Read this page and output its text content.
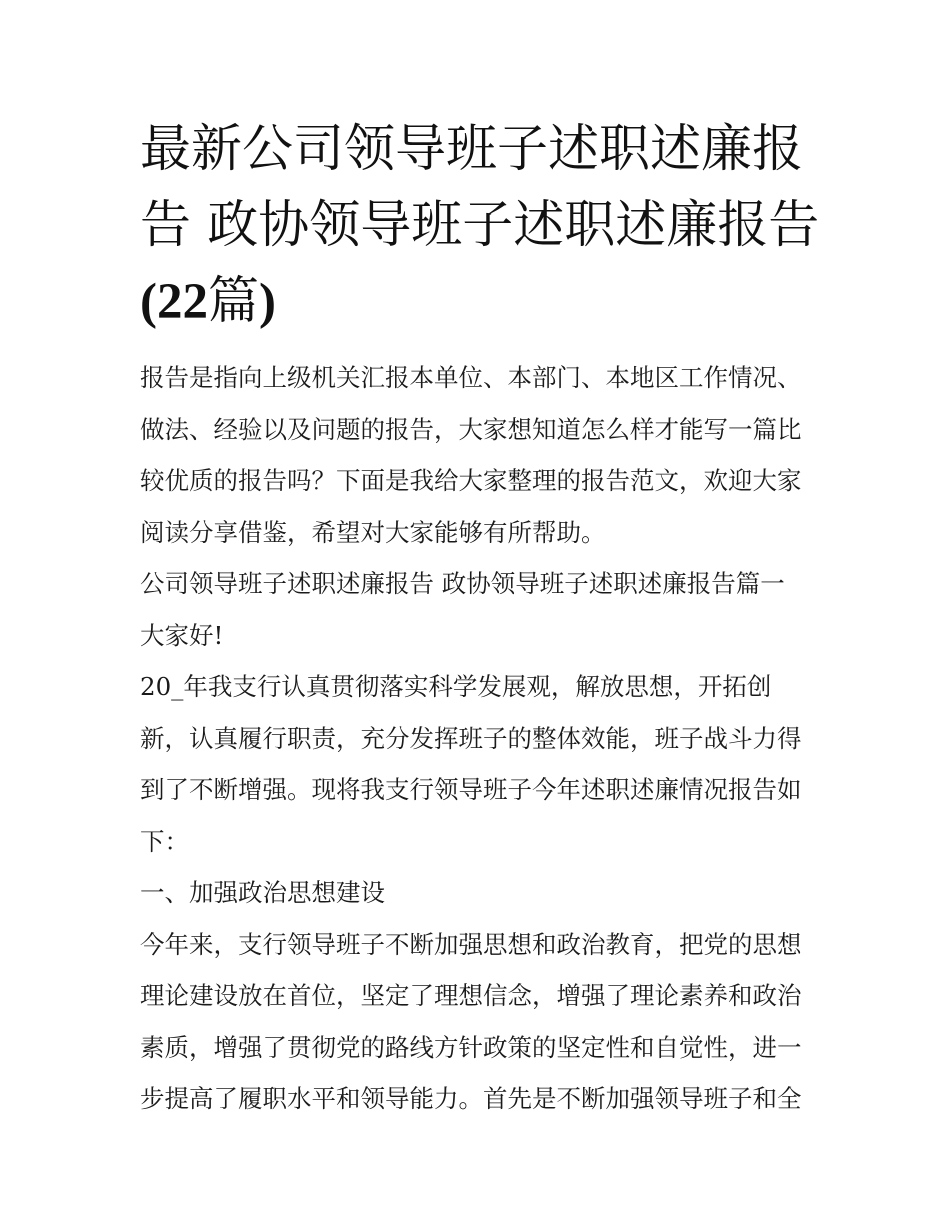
最新公司领导班子述职述廉报
告 政协领导班子述职述廉报告
(22篇)
报告是指向上级机关汇报本单位、本部门、本地区工作情况、
做法、经验以及问题的报告，大家想知道怎么样才能写一篇比
较优质的报告吗？下面是我给大家整理的报告范文，欢迎大家
阅读分享借鉴，希望对大家能够有所帮助。
公司领导班子述职述廉报告 政协领导班子述职述廉报告篇一
大家好!
20_年我支行认真贯彻落实科学发展观，解放思想，开拓创
新，认真履行职责，充分发挥班子的整体效能，班子战斗力得
到了不断增强。现将我支行领导班子今年述职述廉情况报告如
下：
一、加强政治思想建设
今年来，支行领导班子不断加强思想和政治教育，把党的思想
理论建设放在首位，坚定了理想信念，增强了理论素养和政治
素质，增强了贯彻党的路线方针政策的坚定性和自觉性，进一
步提高了履职水平和领导能力。首先是不断加强领导班子和全
